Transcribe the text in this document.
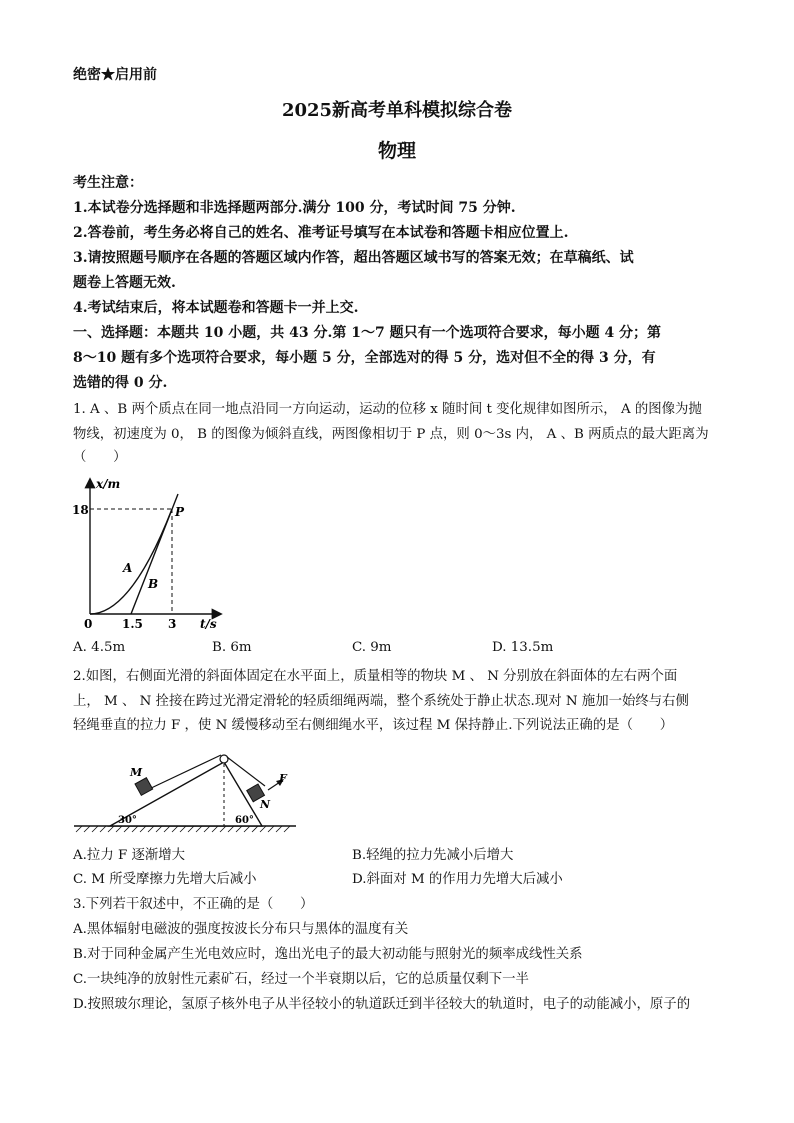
绝密★启用前
2025新高考单科模拟综合卷
物理
考生注意：
1.本试卷分选择题和非选择题两部分.满分 100 分，考试时间 75 分钟.
2.答卷前，考生务必将自己的姓名、准考证号填写在本试卷和答题卡相应位置上.
3.请按照题号顺序在各题的答题区域内作答，超出答题区域书写的答案无效；在草稿纸、试
题卷上答题无效.
4.考试结束后，将本试题卷和答题卡一并上交.
一、选择题：本题共 10 小题，共 43 分.第 1～7 题只有一个选项符合要求，每小题 4 分；第
8～10 题有多个选项符合要求，每小题 5 分，全部选对的得 5 分，选对但不全的得 3 分，有
选错的得 0 分.
1. A 、B 两个质点在同一地点沿同一方向运动，运动的位移 x 随时间 t 变化规律如图所示， A 的图像为抛
物线，初速度为 0， B 的图像为倾斜直线，两图像相切于 P 点，则 0～3s 内， A 、B 两质点的最大距离为
（　　）
x/m
t/s
18
0 1.5 3
A
B
P
A. 4.5m	B. 6m	C. 9m	D. 13.5m
2.如图，右侧面光滑的斜面体固定在水平面上，质量相等的物块 M 、 N 分别放在斜面体的左右两个面
上， M 、 N 拴接在跨过光滑定滑轮的轻质细绳两端，整个系统处于静止状态.现对 N 施加一始终与右侧
轻绳垂直的拉力 F ，使 N 缓慢移动至右侧细绳水平，该过程 M 保持静止.下列说法正确的是（　　）
M
N
F
30°	60°
A.拉力 F 逐渐增大	B.轻绳的拉力先减小后增大
C. M 所受摩擦力先增大后减小	D.斜面对 M 的作用力先增大后减小
3.下列若干叙述中，不正确的是（　　）
A.黑体辐射电磁波的强度按波长分布只与黑体的温度有关
B.对于同种金属产生光电效应时，逸出光电子的最大初动能与照射光的频率成线性关系
C.一块纯净的放射性元素矿石，经过一个半衰期以后，它的总质量仅剩下一半
D.按照玻尔理论，氢原子核外电子从半径较小的轨道跃迁到半径较大的轨道时，电子的动能减小，原子的
